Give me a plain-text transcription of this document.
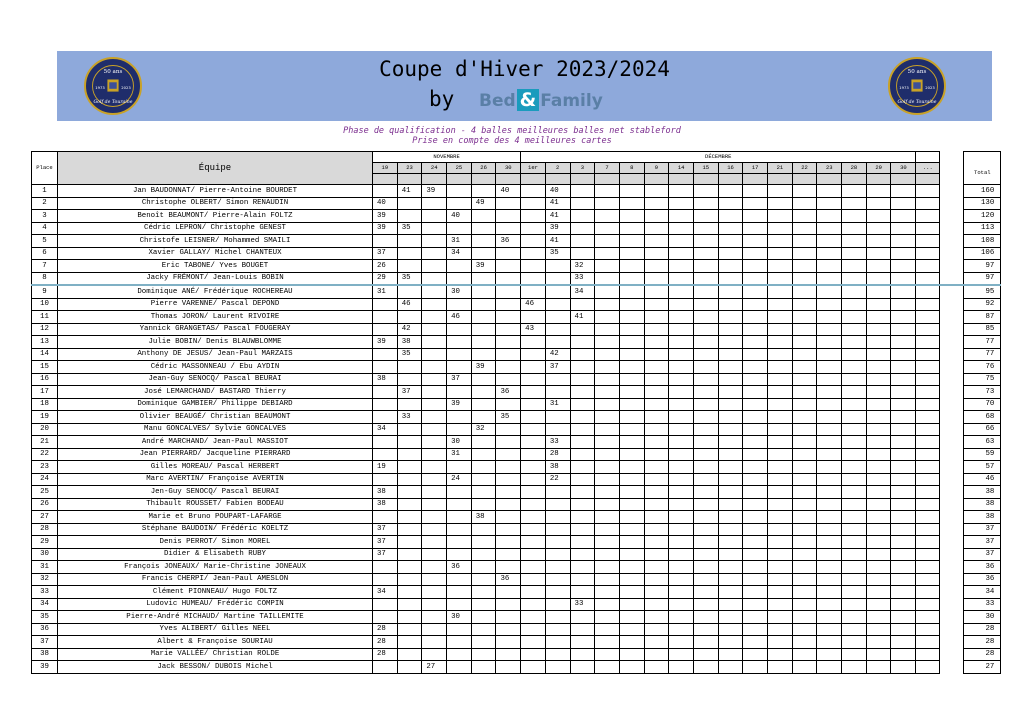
50 ans
1973	2023
Golf de Touraine
Coupe d'Hiver 2023/2024
by Bed & Family
50 ans
1973	2023
Golf de Touraine
Phase de qualification - 4 balles meilleures balles net stableford
Prise en compte des 4 meilleures cartes
Place	Équipe	NOVEMBRE						DÉCEMBRE																		
		19	23	24	25	26	30	1er	2	3	7	8	9	14	15	16	17	21	22	23	28	29	30	...		Total

1	Jan BAUDONNAT/ Pierre-Antoine BOURDET		41	39			40		40																	160
2	Christophe OLBERT/ Simon RENAUDIN	40				49			41																	130
3	Benoît BEAUMONT/ Pierre-Alain FOLTZ	39			40				41																	120
4	Cédric LEPRON/ Christophe GENEST	39	35						39																	113
5	Christofe LEISNER/ Mohammed SMAILI				31		36		41																	108
6	Xavier GALLAY/ Michel CHANTEUX	37			34				35																	106
7	Eric TABONE/ Yves BOUGET	26				39				32																97
8	Jacky FRÉMONT/ Jean-Louis BOBIN	29	35							33																97
9	Dominique ANÉ/ Frédérique ROCHEREAU	31			30					34																95
10	Pierre VARENNE/ Pascal DEPOND		46					46																		92
11	Thomas JORON/ Laurent RIVOIRE				46					41																87
12	Yannick GRANGETAS/ Pascal FOUGERAY		42					43																		85
13	Julie BOBIN/ Denis BLAUWBLOMME	39	38																							77
14	Anthony DE JESUS/ Jean-Paul MARZAIS		35						42																	77
15	Cédric MASSONNEAU / Ebu AYDIN					39			37																	76
16	Jean-Guy SENOCQ/ Pascal BEURAI	38			37																					75
17	José LEMARCHAND/ BASTARD Thierry		37				36																			73
18	Dominique GAMBIER/ Philippe DEBIARD				39				31																	70
19	Olivier BEAUGÉ/ Christian BEAUMONT		33				35																			68
20	Manu GONCALVES/ Sylvie GONCALVES	34				32																				66
21	André MARCHAND/ Jean-Paul MASSIOT				30				33																	63
22	Jean PIERRARD/ Jacqueline PIERRARD				31				28																	59
23	Gilles MOREAU/ Pascal HERBERT	19							38																	57
24	Marc AVERTIN/ Françoise AVERTIN				24				22																	46
25	Jen-Guy SENOCQ/ Pascal BEURAI	38																								38
26	Thibault ROUSSET/ Fabien BODEAU	38																								38
27	Marie et Bruno POUPART-LAFARGE					38																				38
28	Stéphane BAUDOIN/ Frédéric KOELTZ	37																								37
29	Denis PERROT/ Simon MOREL	37																								37
30	Didier & Elisabeth RUBY	37																								37
31	François JONEAUX/ Marie-Christine JONEAUX				36																					36
32	Francis CHERPI/ Jean-Paul AMESLON						36																			36
33	Clément PIONNEAU/ Hugo FOLTZ	34																								34
34	Ludovic HUMEAU/ Frédéric COMPIN									33																33
35	Pierre-André MICHAUD/ Martine TAILLEMITE				30																					30
36	Yves ALIBERT/ Gilles NEEL	28																								28
37	Albert & Françoise SOURIAU	28																								28
38	Marie VALLÉE/ Christian ROLDE	28																								28
39	Jack BESSON/ DUBOIS Michel			27																						27
